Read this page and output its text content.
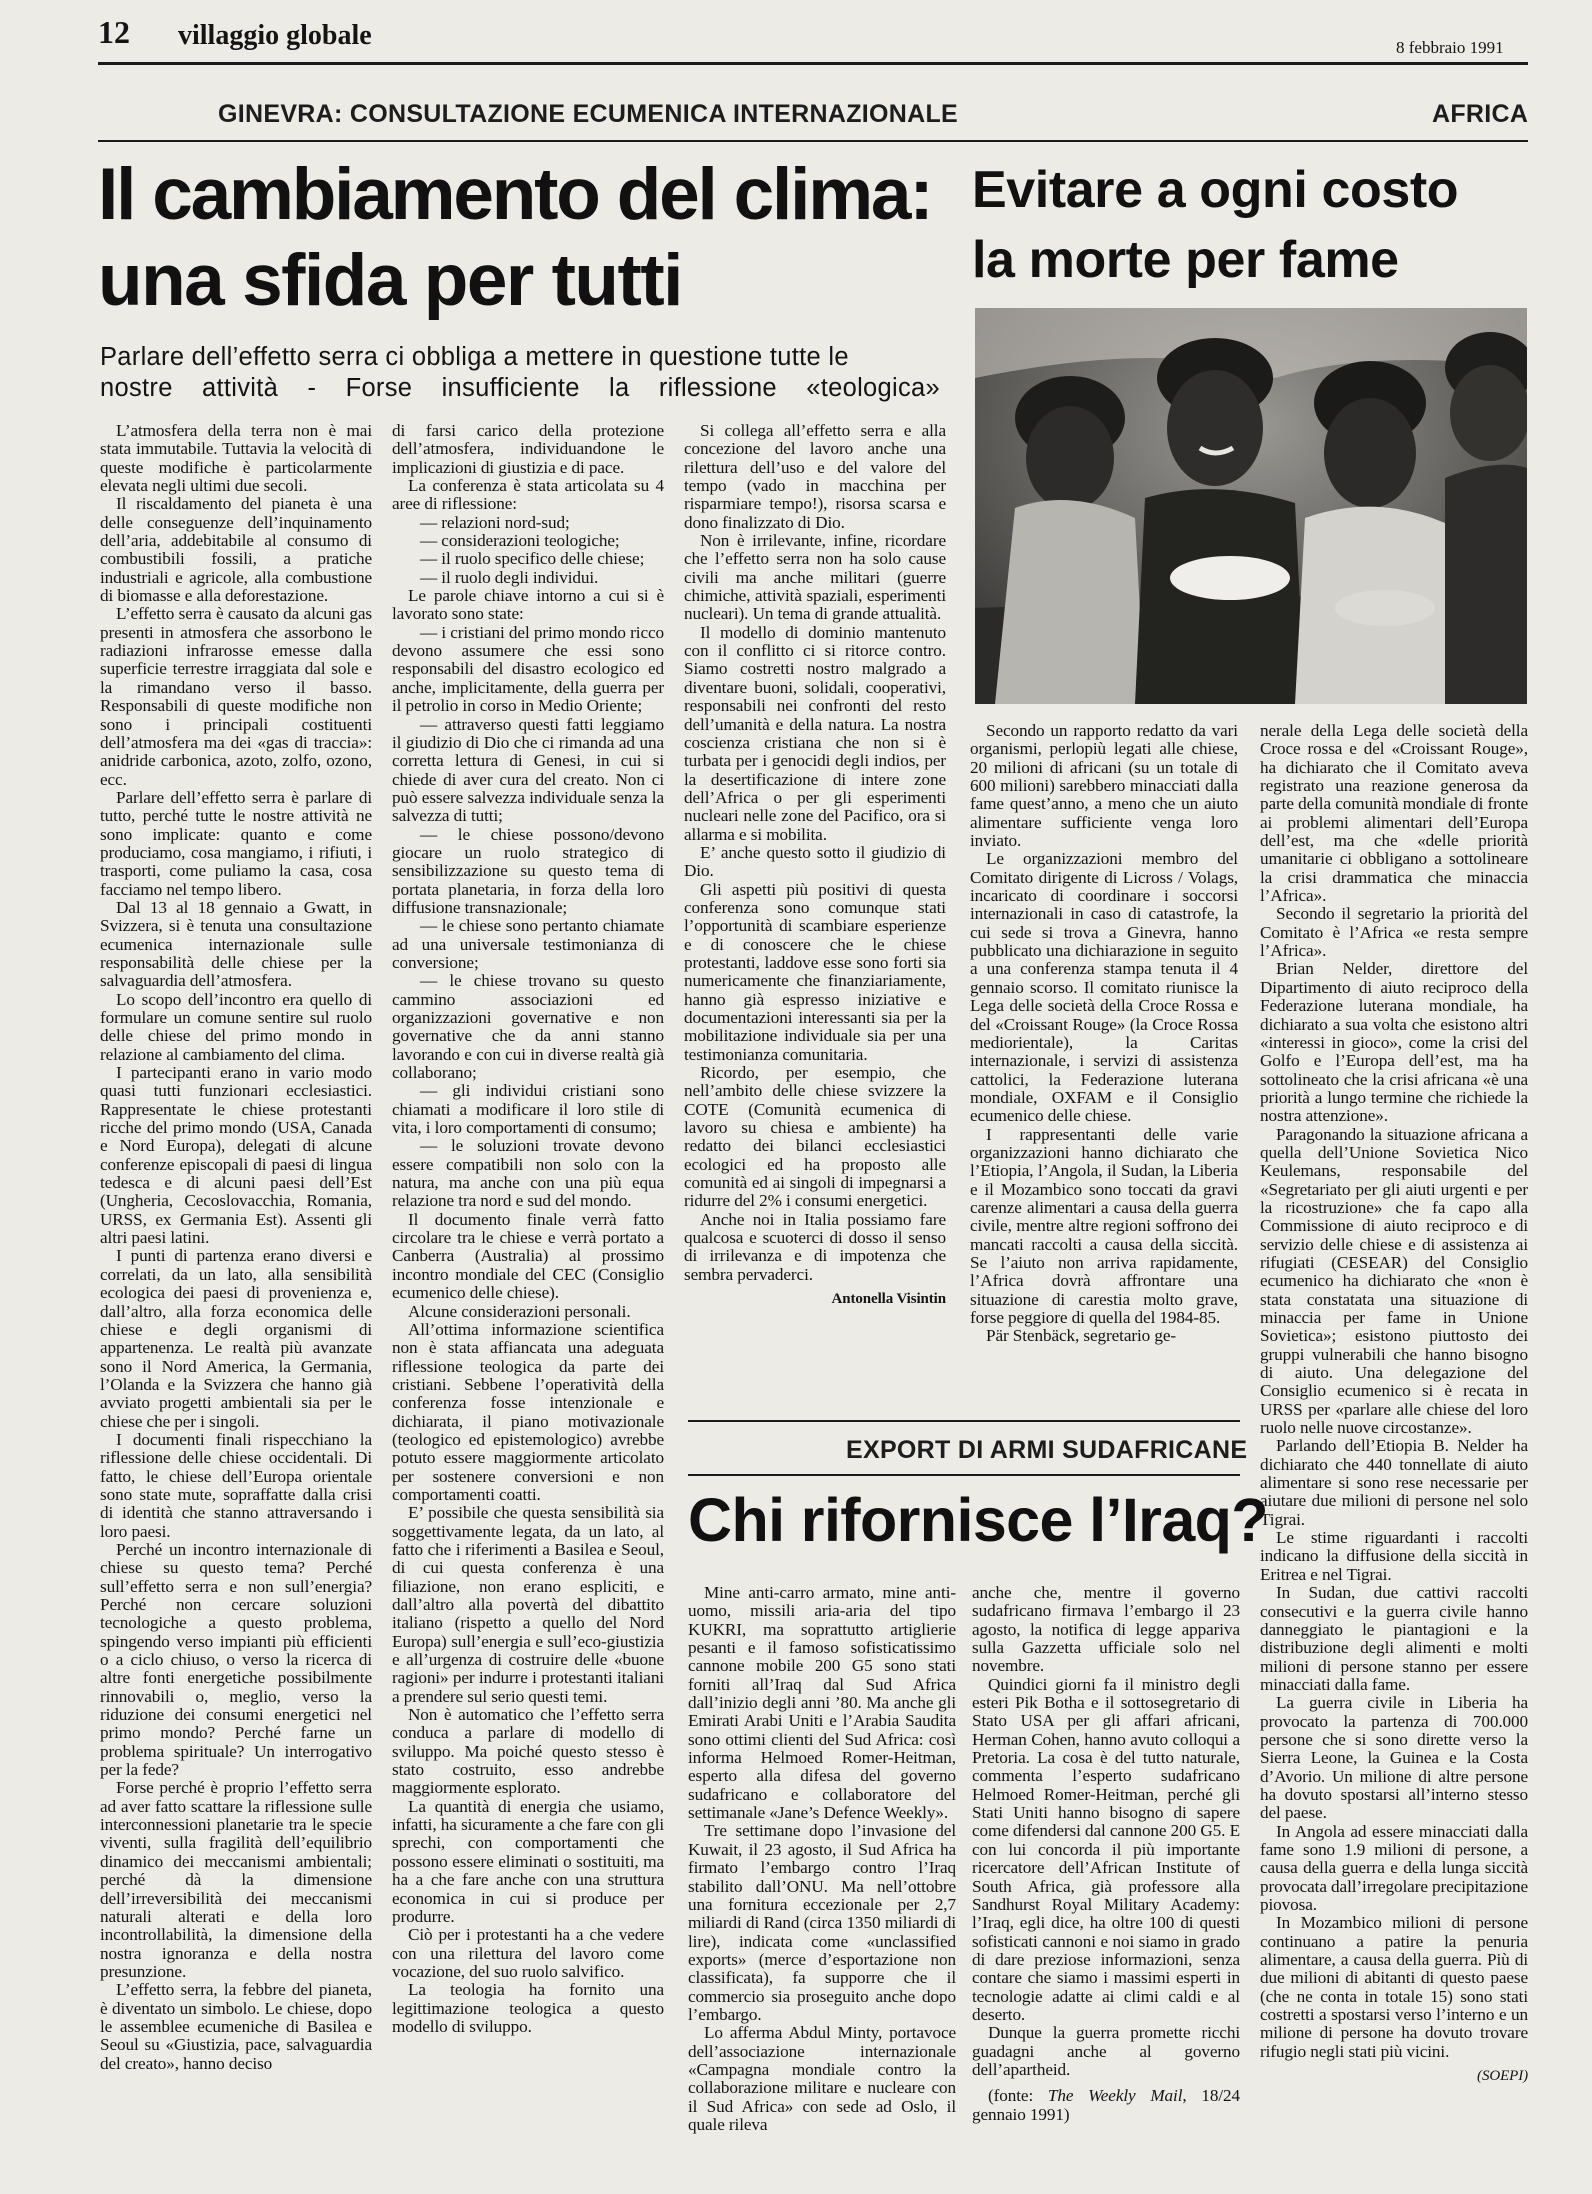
12 villaggio globale	8 febbraio 1991
GINEVRA: CONSULTAZIONE ECUMENICA INTERNAZIONALE	AFRICA
Il cambiamento del clima:
una sfida per tutti
Parlare dell’effetto serra ci obbliga a mettere in questione tutte le
nostre attività - Forse insufficiente la riflessione «teologica»
Evitare a ogni costo
la morte per fame

L’atmosfera della terra non è mai stata immutabile. Tuttavia la velocità di queste modifiche è particolarmente elevata negli ultimi due secoli.

Il riscaldamento del pianeta è una delle conseguenze dell’inquinamento dell’aria, addebitabile al consumo di combustibili fossili, a pratiche industriali e agricole, alla combustione di biomasse e alla deforestazione.

L’effetto serra è causato da alcuni gas presenti in atmosfera che assorbono le radiazioni infrarosse emesse dalla superficie terrestre irraggiata dal sole e la rimandano verso il basso. Responsabili di queste modifiche non sono i principali costituenti dell’atmosfera ma dei «gas di traccia»: anidride carbonica, azoto, zolfo, ozono, ecc.

Parlare dell’effetto serra è parlare di tutto, perché tutte le nostre attività ne sono implicate: quanto e come produciamo, cosa mangiamo, i rifiuti, i trasporti, come puliamo la casa, cosa facciamo nel tempo libero.

Dal 13 al 18 gennaio a Gwatt, in Svizzera, si è tenuta una consultazione ecumenica internazionale sulle responsabilità delle chiese per la salvaguardia dell’atmosfera.

Lo scopo dell’incontro era quello di formulare un comune sentire sul ruolo delle chiese del primo mondo in relazione al cambiamento del clima.

I partecipanti erano in vario modo quasi tutti funzionari ecclesiastici. Rappresentate le chiese protestanti ricche del primo mondo (USA, Canada e Nord Europa), delegati di alcune conferenze episcopali di paesi di lingua tedesca e di alcuni paesi dell’Est (Ungheria, Cecoslovacchia, Romania, URSS, ex Germania Est). Assenti gli altri paesi latini.

I punti di partenza erano diversi e correlati, da un lato, alla sensibilità ecologica dei paesi di provenienza e, dall’altro, alla forza economica delle chiese e degli organismi di appartenenza. Le realtà più avanzate sono il Nord America, la Germania, l’Olanda e la Svizzera che hanno già avviato progetti ambientali sia per le chiese che per i singoli.

I documenti finali rispecchiano la riflessione delle chiese occidentali. Di fatto, le chiese dell’Europa orientale sono state mute, sopraffatte dalla crisi di identità che stanno attraversando i loro paesi.

Perché un incontro internazionale di chiese su questo tema? Perché sull’effetto serra e non sull’energia? Perché non cercare soluzioni tecnologiche a questo problema, spingendo verso impianti più efficienti o a ciclo chiuso, o verso la ricerca di altre fonti energetiche possibilmente rinnovabili o, meglio, verso la riduzione dei consumi energetici nel primo mondo? Perché farne un problema spirituale? Un interrogativo per la fede?

Forse perché è proprio l’effetto serra ad aver fatto scattare la riflessione sulle interconnessioni planetarie tra le specie viventi, sulla fragilità dell’equilibrio dinamico dei meccanismi ambientali; perché dà la dimensione dell’irreversibilità dei meccanismi naturali alterati e della loro incontrollabilità, la dimensione della nostra ignoranza e della nostra presunzione.

L’effetto serra, la febbre del pianeta, è diventato un simbolo. Le chiese, dopo le assemblee ecumeniche di Basilea e Seoul su «Giustizia, pace, salvaguardia del creato», hanno deciso

di farsi carico della protezione dell’atmosfera, individuandone le implicazioni di giustizia e di pace.

La conferenza è stata articolata su 4 aree di riflessione:

— relazioni nord-sud;

— considerazioni teologiche;

— il ruolo specifico delle chiese;

— il ruolo degli individui.

Le parole chiave intorno a cui si è lavorato sono state:

— i cristiani del primo mondo ricco devono assumere che essi sono responsabili del disastro ecologico ed anche, implicitamente, della guerra per il petrolio in corso in Medio Oriente;

— attraverso questi fatti leggiamo il giudizio di Dio che ci rimanda ad una corretta lettura di Genesi, in cui si chiede di aver cura del creato. Non ci può essere salvezza individuale senza la salvezza di tutti;

— le chiese possono/devono giocare un ruolo strategico di sensibilizzazione su questo tema di portata planetaria, in forza della loro diffusione transnazionale;

— le chiese sono pertanto chiamate ad una universale testimonianza di conversione;

— le chiese trovano su questo cammino associazioni ed organizzazioni governative e non governative che da anni stanno lavorando e con cui in diverse realtà già collaborano;

— gli individui cristiani sono chiamati a modificare il loro stile di vita, i loro comportamenti di consumo;

— le soluzioni trovate devono essere compatibili non solo con la natura, ma anche con una più equa relazione tra nord e sud del mondo.

Il documento finale verrà fatto circolare tra le chiese e verrà portato a Canberra (Australia) al prossimo incontro mondiale del CEC (Consiglio ecumenico delle chiese).

Alcune considerazioni personali.

All’ottima informazione scientifica non è stata affiancata una adeguata riflessione teologica da parte dei cristiani. Sebbene l’operatività della conferenza fosse intenzionale e dichiarata, il piano motivazionale (teologico ed epistemologico) avrebbe potuto essere maggiormente articolato per sostenere conversioni e non comportamenti coatti.

E’ possibile che questa sensibilità sia soggettivamente legata, da un lato, al fatto che i riferimenti a Basilea e Seoul, di cui questa conferenza è una filiazione, non erano espliciti, e dall’altro alla povertà del dibattito italiano (rispetto a quello del Nord Europa) sull’energia e sull’eco-giustizia e all’urgenza di costruire delle «buone ragioni» per indurre i protestanti italiani a prendere sul serio questi temi.

Non è automatico che l’effetto serra conduca a parlare di modello di sviluppo. Ma poiché questo stesso è stato costruito, esso andrebbe maggiormente esplorato.

La quantità di energia che usiamo, infatti, ha sicuramente a che fare con gli sprechi, con comportamenti che possono essere eliminati o sostituiti, ma ha a che fare anche con una struttura economica in cui si produce per produrre.

Ciò per i protestanti ha a che vedere con una rilettura del lavoro come vocazione, del suo ruolo salvifico.

La teologia ha fornito una legittimazione teologica a questo modello di sviluppo.

Si collega all’effetto serra e alla concezione del lavoro anche una rilettura dell’uso e del valore del tempo (vado in macchina per risparmiare tempo!), risorsa scarsa e dono finalizzato di Dio.

Non è irrilevante, infine, ricordare che l’effetto serra non ha solo cause civili ma anche militari (guerre chimiche, attività spaziali, esperimenti nucleari). Un tema di grande attualità.

Il modello di dominio mantenuto con il conflitto ci si ritorce contro. Siamo costretti nostro malgrado a diventare buoni, solidali, cooperativi, responsabili nei confronti del resto dell’umanità e della natura. La nostra coscienza cristiana che non si è turbata per i genocidi degli indios, per la desertificazione di intere zone dell’Africa o per gli esperimenti nucleari nelle zone del Pacifico, ora si allarma e si mobilita.

E’ anche questo sotto il giudizio di Dio.

Gli aspetti più positivi di questa conferenza sono comunque stati l’opportunità di scambiare esperienze e di conoscere che le chiese protestanti, laddove esse sono forti sia numericamente che finanziariamente, hanno già espresso iniziative e documentazioni interessanti sia per la mobilitazione individuale sia per una testimonianza comunitaria.

Ricordo, per esempio, che nell’ambito delle chiese svizzere la COTE (Comunità ecumenica di lavoro su chiesa e ambiente) ha redatto dei bilanci ecclesiastici ecologici ed ha proposto alle comunità ed ai singoli di impegnarsi a ridurre del 2% i consumi energetici.

Anche noi in Italia possiamo fare qualcosa e scuoterci di dosso il senso di irrilevanza e di impotenza che sembra pervaderci.

Antonella Visintin

Secondo un rapporto redatto da vari organismi, perlopiù legati alle chiese, 20 milioni di africani (su un totale di 600 milioni) sarebbero minacciati dalla fame quest’anno, a meno che un aiuto alimentare sufficiente venga loro inviato.

Le organizzazioni membro del Comitato dirigente di Licross / Volags, incaricato di coordinare i soccorsi internazionali in caso di catastrofe, la cui sede si trova a Ginevra, hanno pubblicato una dichiarazione in seguito a una conferenza stampa tenuta il 4 gennaio scorso. Il comitato riunisce la Lega delle società della Croce Rossa e del «Croissant Rouge» (la Croce Rossa mediorientale), la Caritas internazionale, i servizi di assistenza cattolici, la Federazione luterana mondiale, OXFAM e il Consiglio ecumenico delle chiese.

I rappresentanti delle varie organizzazioni hanno dichiarato che l’Etiopia, l’Angola, il Sudan, la Liberia e il Mozambico sono toccati da gravi carenze alimentari a causa della guerra civile, mentre altre regioni soffrono dei mancati raccolti a causa della siccità. Se l’aiuto non arriva rapidamente, l’Africa dovrà affrontare una situazione di carestia molto grave, forse peggiore di quella del 1984-85.

Pär Stenbäck, segretario ge-

nerale della Lega delle società della Croce rossa e del «Croissant Rouge», ha dichiarato che il Comitato aveva registrato una reazione generosa da parte della comunità mondiale di fronte ai problemi alimentari dell’Europa dell’est, ma che «delle priorità umanitarie ci obbligano a sottolineare la crisi drammatica che minaccia l’Africa».

Secondo il segretario la priorità del Comitato è l’Africa «e resta sempre l’Africa».

Brian Nelder, direttore del Dipartimento di aiuto reciproco della Federazione luterana mondiale, ha dichiarato a sua volta che esistono altri «interessi in gioco», come la crisi del Golfo e l’Europa dell’est, ma ha sottolineato che la crisi africana «è una priorità a lungo termine che richiede la nostra attenzione».

Paragonando la situazione africana a quella dell’Unione Sovietica Nico Keulemans, responsabile del «Segretariato per gli aiuti urgenti e per la ricostruzione» che fa capo alla Commissione di aiuto reciproco e di servizio delle chiese e di assistenza ai rifugiati (CESEAR) del Consiglio ecumenico ha dichiarato che «non è stata constatata una situazione di minaccia per fame in Unione Sovietica»; esistono piuttosto dei gruppi vulnerabili che hanno bisogno di aiuto. Una delegazione del Consiglio ecumenico si è recata in URSS per «parlare alle chiese del loro ruolo nelle nuove circostanze».

Parlando dell’Etiopia B. Nelder ha dichiarato che 440 tonnellate di aiuto alimentare si sono rese necessarie per aiutare due milioni di persone nel solo Tigrai.

Le stime riguardanti i raccolti indicano la diffusione della siccità in Eritrea e nel Tigrai.

In Sudan, due cattivi raccolti consecutivi e la guerra civile hanno danneggiato le piantagioni e la distribuzione degli alimenti e molti milioni di persone stanno per essere minacciati dalla fame.

La guerra civile in Liberia ha provocato la partenza di 700.000 persone che si sono dirette verso la Sierra Leone, la Guinea e la Costa d’Avorio. Un milione di altre persone ha dovuto spostarsi all’interno stesso del paese.

In Angola ad essere minacciati dalla fame sono 1.9 milioni di persone, a causa della guerra e della lunga siccità provocata dall’irregolare precipitazione piovosa.

In Mozambico milioni di persone continuano a patire la penuria alimentare, a causa della guerra. Più di due milioni di abitanti di questo paese (che ne conta in totale 15) sono stati costretti a spostarsi verso l’interno e un milione di persone ha dovuto trovare rifugio negli stati più vicini.

(SOEPI)

EXPORT DI ARMI SUDAFRICANE
Chi rifornisce l’Iraq?

Mine anti-carro armato, mine anti-uomo, missili aria-aria del tipo KUKRI, ma soprattutto artiglierie pesanti e il famoso sofisticatissimo cannone mobile 200 G5 sono stati forniti all’Iraq dal Sud Africa dall’inizio degli anni ’80. Ma anche gli Emirati Arabi Uniti e l’Arabia Saudita sono ottimi clienti del Sud Africa: così informa Helmoed Romer-Heitman, esperto alla difesa del governo sudafricano e collaboratore del settimanale «Jane’s Defence Weekly».

Tre settimane dopo l’invasione del Kuwait, il 23 agosto, il Sud Africa ha firmato l’embargo contro l’Iraq stabilito dall’ONU. Ma nell’ottobre una fornitura eccezionale per 2,7 miliardi di Rand (circa 1350 miliardi di lire), indicata come «unclassified exports» (merce d’esportazione non classificata), fa supporre che il commercio sia proseguito anche dopo l’embargo.

Lo afferma Abdul Minty, portavoce dell’associazione internazionale «Campagna mondiale contro la collaborazione militare e nucleare con il Sud Africa» con sede ad Oslo, il quale rileva

anche che, mentre il governo sudafricano firmava l’embargo il 23 agosto, la notifica di legge appariva sulla Gazzetta ufficiale solo nel novembre.

Quindici giorni fa il ministro degli esteri Pik Botha e il sottosegretario di Stato USA per gli affari africani, Herman Cohen, hanno avuto colloqui a Pretoria. La cosa è del tutto naturale, commenta l’esperto sudafricano Helmoed Romer-Heitman, perché gli Stati Uniti hanno bisogno di sapere come difendersi dal cannone 200 G5. E con lui concorda il più importante ricercatore dell’African Institute of South Africa, già professore alla Sandhurst Royal Military Academy: l’Iraq, egli dice, ha oltre 100 di questi sofisticati cannoni e noi siamo in grado di dare preziose informazioni, senza contare che siamo i massimi esperti in tecnologie adatte ai climi caldi e al deserto.

Dunque la guerra promette ricchi guadagni anche al governo dell’apartheid.

(fonte: The Weekly Mail, 18/24 gennaio 1991)
